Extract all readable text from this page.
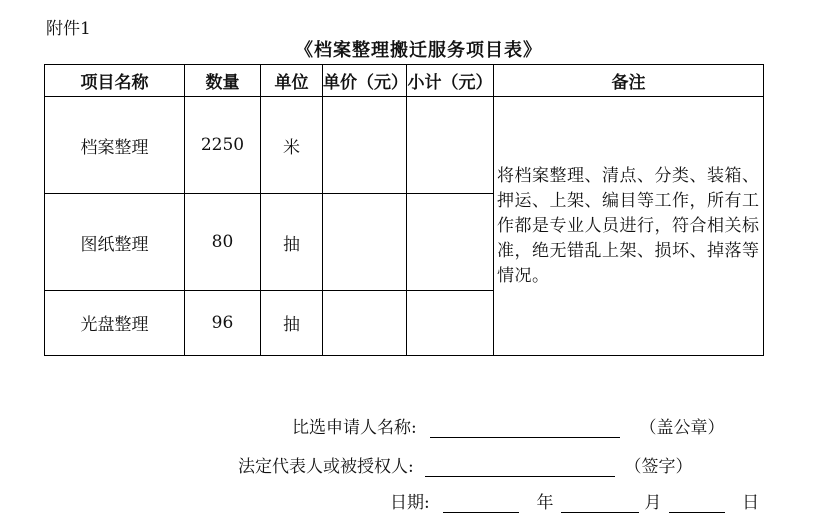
附件1
《档案整理搬迁服务项目表》
项目名称	数量	单位	单价（元）	小计（元）	备注
档案整理	2250	米			将档案整理、清点、分类、装箱、押运、上架、编目等工作，所有工作都是专业人员进行，符合相关标准，绝无错乱上架、损坏、掉落等情况。
图纸整理	80	抽			
光盘整理	96	抽			
比选申请人名称:	（盖公章）
法定代表人或被授权人:	（签字）
日期:	年	月	日
